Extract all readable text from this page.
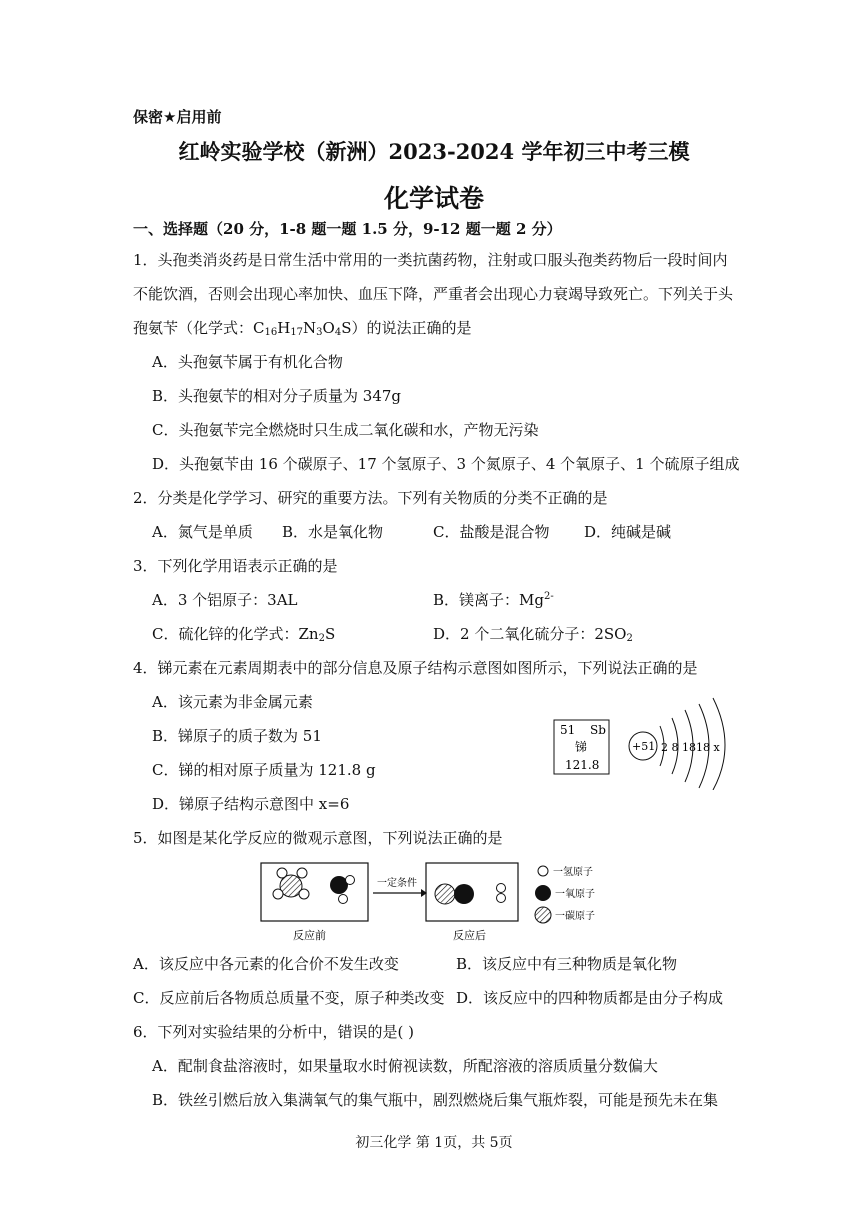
保密★启用前
红岭实验学校（新洲）2023-2024 学年初三中考三模
化学试卷
一、选择题（20 分，1-8 题一题 1.5 分，9-12 题一题 2 分）
1．头孢类消炎药是日常生活中常用的一类抗菌药物，注射或口服头孢类药物后一段时间内
不能饮酒，否则会出现心率加快、血压下降，严重者会出现心力衰竭导致死亡。下列关于头
孢氨苄（化学式：$C_{16}H_{17}N_3O_4S$）的说法正确的是
A．头孢氨苄属于有机化合物
B．头孢氨苄的相对分子质量为 347g
C．头孢氨苄完全燃烧时只生成二氧化碳和水，产物无污染
D．头孢氨苄由 16 个碳原子、17 个氢原子、3 个氮原子、4 个氧原子、1 个硫原子组成
2．分类是化学学习、研究的重要方法。下列有关物质的分类不正确的是
A．氮气是单质 B．水是氧化物	C．盐酸是混合物 D．纯碱是碱
3．下列化学用语表示正确的是
A．3 个铝原子：3AL	B．镁离子：$Mg^{2-}$
C．硫化锌的化学式：$Zn_2S$	D．2 个二氧化硫分子：$2SO_2$
4．锑元素在元素周期表中的部分信息及原子结构示意图如图所示，下列说法正确的是
A．该元素为非金属元素
B．锑原子的质子数为 51
C．锑的相对原子质量为 121.8 g
D．锑原子结构示意图中 x=6
51 Sb
锑
121.8
+51 2 8 1818 x
5．如图是某化学反应的微观示意图，下列说法正确的是
反应前
一定条件
反应后
一氢原子
一氧原子
一碳原子
A．该反应中各元素的化合价不发生改变	B．该反应中有三种物质是氧化物
C．反应前后各物质总质量不变，原子种类改变 D．该反应中的四种物质都是由分子构成
6．下列对实验结果的分析中，错误的是( )
A．配制食盐溶液时，如果量取水时俯视读数，所配溶液的溶质质量分数偏大
B．铁丝引燃后放入集满氧气的集气瓶中，剧烈燃烧后集气瓶炸裂，可能是预先未在集
初三化学 第 1页，共 5页
